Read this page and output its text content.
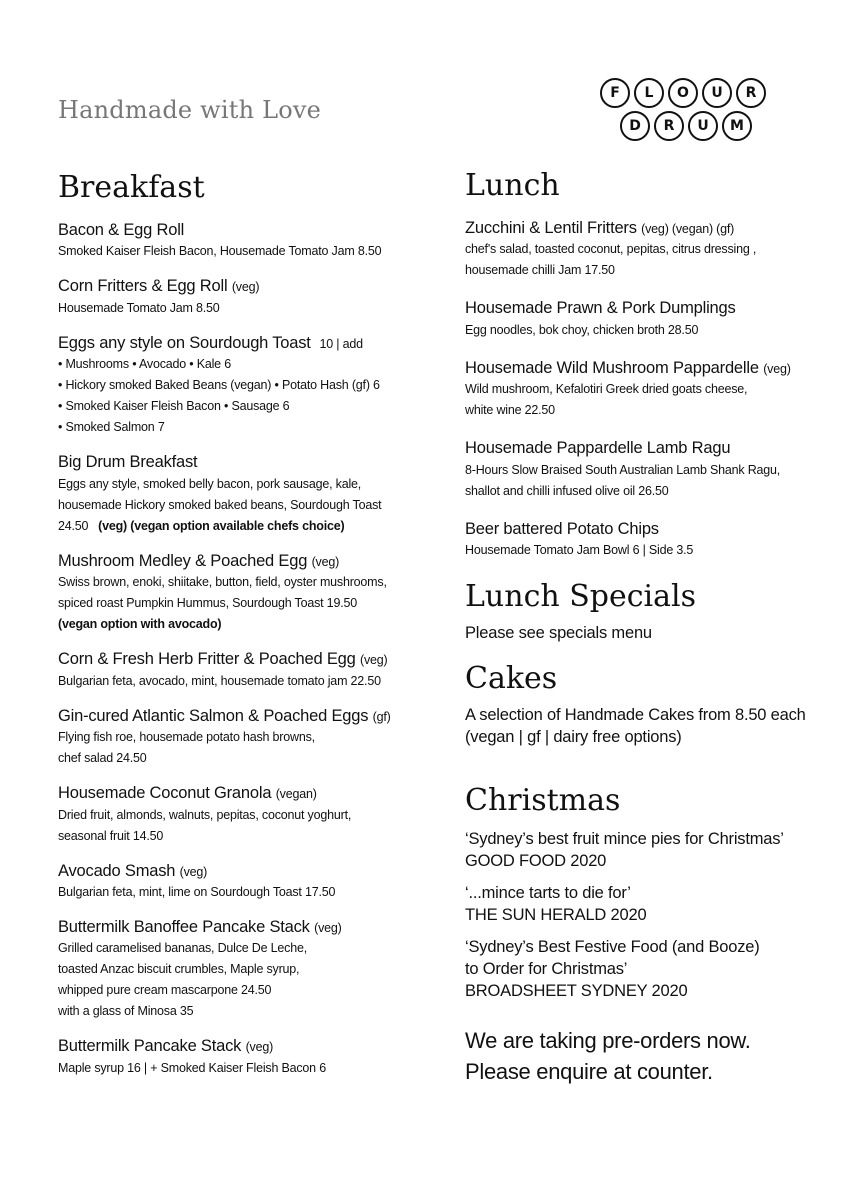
Handmade with Love
F	L	O	U	R
D	R	U	M
Breakfast
Bacon & Egg Roll
Smoked Kaiser Fleish Bacon, Housemade Tomato Jam 8.50
Corn Fritters & Egg Roll (veg)
Housemade Tomato Jam 8.50
Eggs any style on Sourdough Toast 10 | add
• Mushrooms • Avocado • Kale 6
• Hickory smoked Baked Beans (vegan) • Potato Hash (gf) 6
• Smoked Kaiser Fleish Bacon • Sausage 6
• Smoked Salmon 7
Big Drum Breakfast
Eggs any style, smoked belly bacon, pork sausage, kale,
housemade Hickory smoked baked beans, Sourdough Toast
24.50 (veg) (vegan option available chefs choice)
Mushroom Medley & Poached Egg (veg)
Swiss brown, enoki, shiitake, button, field, oyster mushrooms,
spiced roast Pumpkin Hummus, Sourdough Toast 19.50
(vegan option with avocado)
Corn & Fresh Herb Fritter & Poached Egg (veg)
Bulgarian feta, avocado, mint, housemade tomato jam 22.50
Gin-cured Atlantic Salmon & Poached Eggs (gf)
Flying fish roe, housemade potato hash browns,
chef salad 24.50
Housemade Coconut Granola (vegan)
Dried fruit, almonds, walnuts, pepitas, coconut yoghurt,
seasonal fruit 14.50
Avocado Smash (veg)
Bulgarian feta, mint, lime on Sourdough Toast 17.50
Buttermilk Banoffee Pancake Stack (veg)
Grilled caramelised bananas, Dulce De Leche,
toasted Anzac biscuit crumbles, Maple syrup,
whipped pure cream mascarpone 24.50
with a glass of Minosa 35
Buttermilk Pancake Stack (veg)
Maple syrup 16 | + Smoked Kaiser Fleish Bacon 6
Lunch
Zucchini & Lentil Fritters (veg) (vegan) (gf)
chef's salad, toasted coconut, pepitas, citrus dressing ,
housemade chilli Jam 17.50
Housemade Prawn & Pork Dumplings
Egg noodles, bok choy, chicken broth 28.50
Housemade Wild Mushroom Pappardelle (veg)
Wild mushroom, Kefalotiri Greek dried goats cheese,
white wine 22.50
Housemade Pappardelle Lamb Ragu
8-Hours Slow Braised South Australian Lamb Shank Ragu,
shallot and chilli infused olive oil 26.50
Beer battered Potato Chips
Housemade Tomato Jam Bowl 6 | Side 3.5
Lunch Specials
Please see specials menu
Cakes
A selection of Handmade Cakes from 8.50 each
(vegan | gf | dairy free options)
Christmas
‘Sydney’s best fruit mince pies for Christmas’
GOOD FOOD 2020
‘...mince tarts to die for’
THE SUN HERALD 2020
‘Sydney’s Best Festive Food (and Booze)
to Order for Christmas’
BROADSHEET SYDNEY 2020
We are taking pre-orders now.
Please enquire at counter.
